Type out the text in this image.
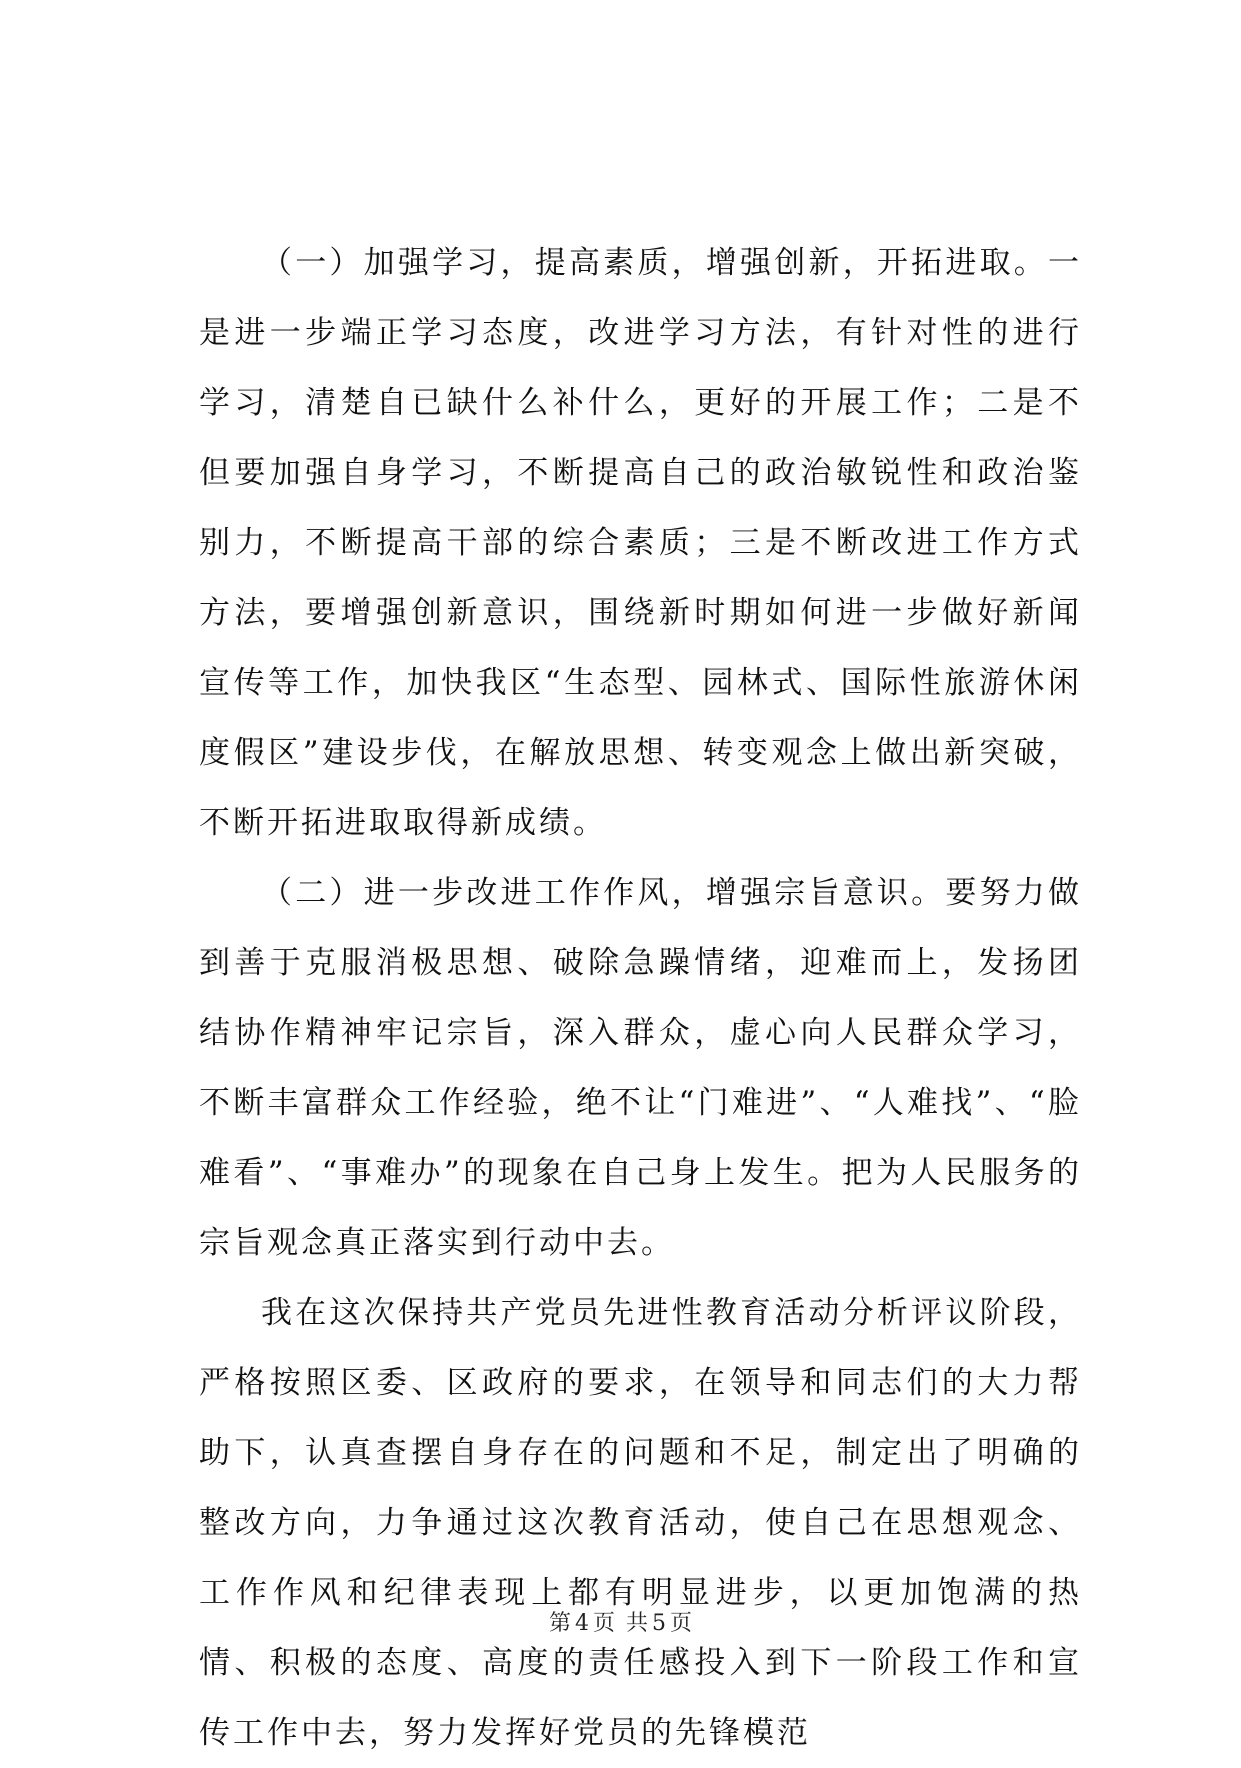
（一）加强学习，提高素质，增强创新，开拓进取。一是进一步端正学习态度，改进学习方法，有针对性的进行学习，清楚自已缺什么补什么，更好的开展工作；二是不但要加强自身学习，不断提高自己的政治敏锐性和政治鉴别力，不断提高干部的综合素质；三是不断改进工作方式方法，要增强创新意识，围绕新时期如何进一步做好新闻宣传等工作，加快我区“生态型、园林式、国际性旅游休闲度假区”建设步伐，在解放思想、转变观念上做出新突破，不断开拓进取取得新成绩。

（二）进一步改进工作作风，增强宗旨意识。要努力做到善于克服消极思想、破除急躁情绪，迎难而上，发扬团结协作精神牢记宗旨，深入群众，虚心向人民群众学习，不断丰富群众工作经验，绝不让“门难进”、“人难找”、“脸难看”、“事难办”的现象在自己身上发生。把为人民服务的宗旨观念真正落实到行动中去。

我在这次保持共产党员先进性教育活动分析评议阶段，严格按照区委、区政府的要求，在领导和同志们的大力帮助下，认真查摆自身存在的问题和不足，制定出了明确的整改方向，力争通过这次教育活动，使自己在思想观念、工作作风和纪律表现上都有明显进步，以更加饱满的热情、积极的态度、高度的责任感投入到下一阶段工作和宣传工作中去，努力发挥好党员的先锋模范

第 4 页 共 5 页
